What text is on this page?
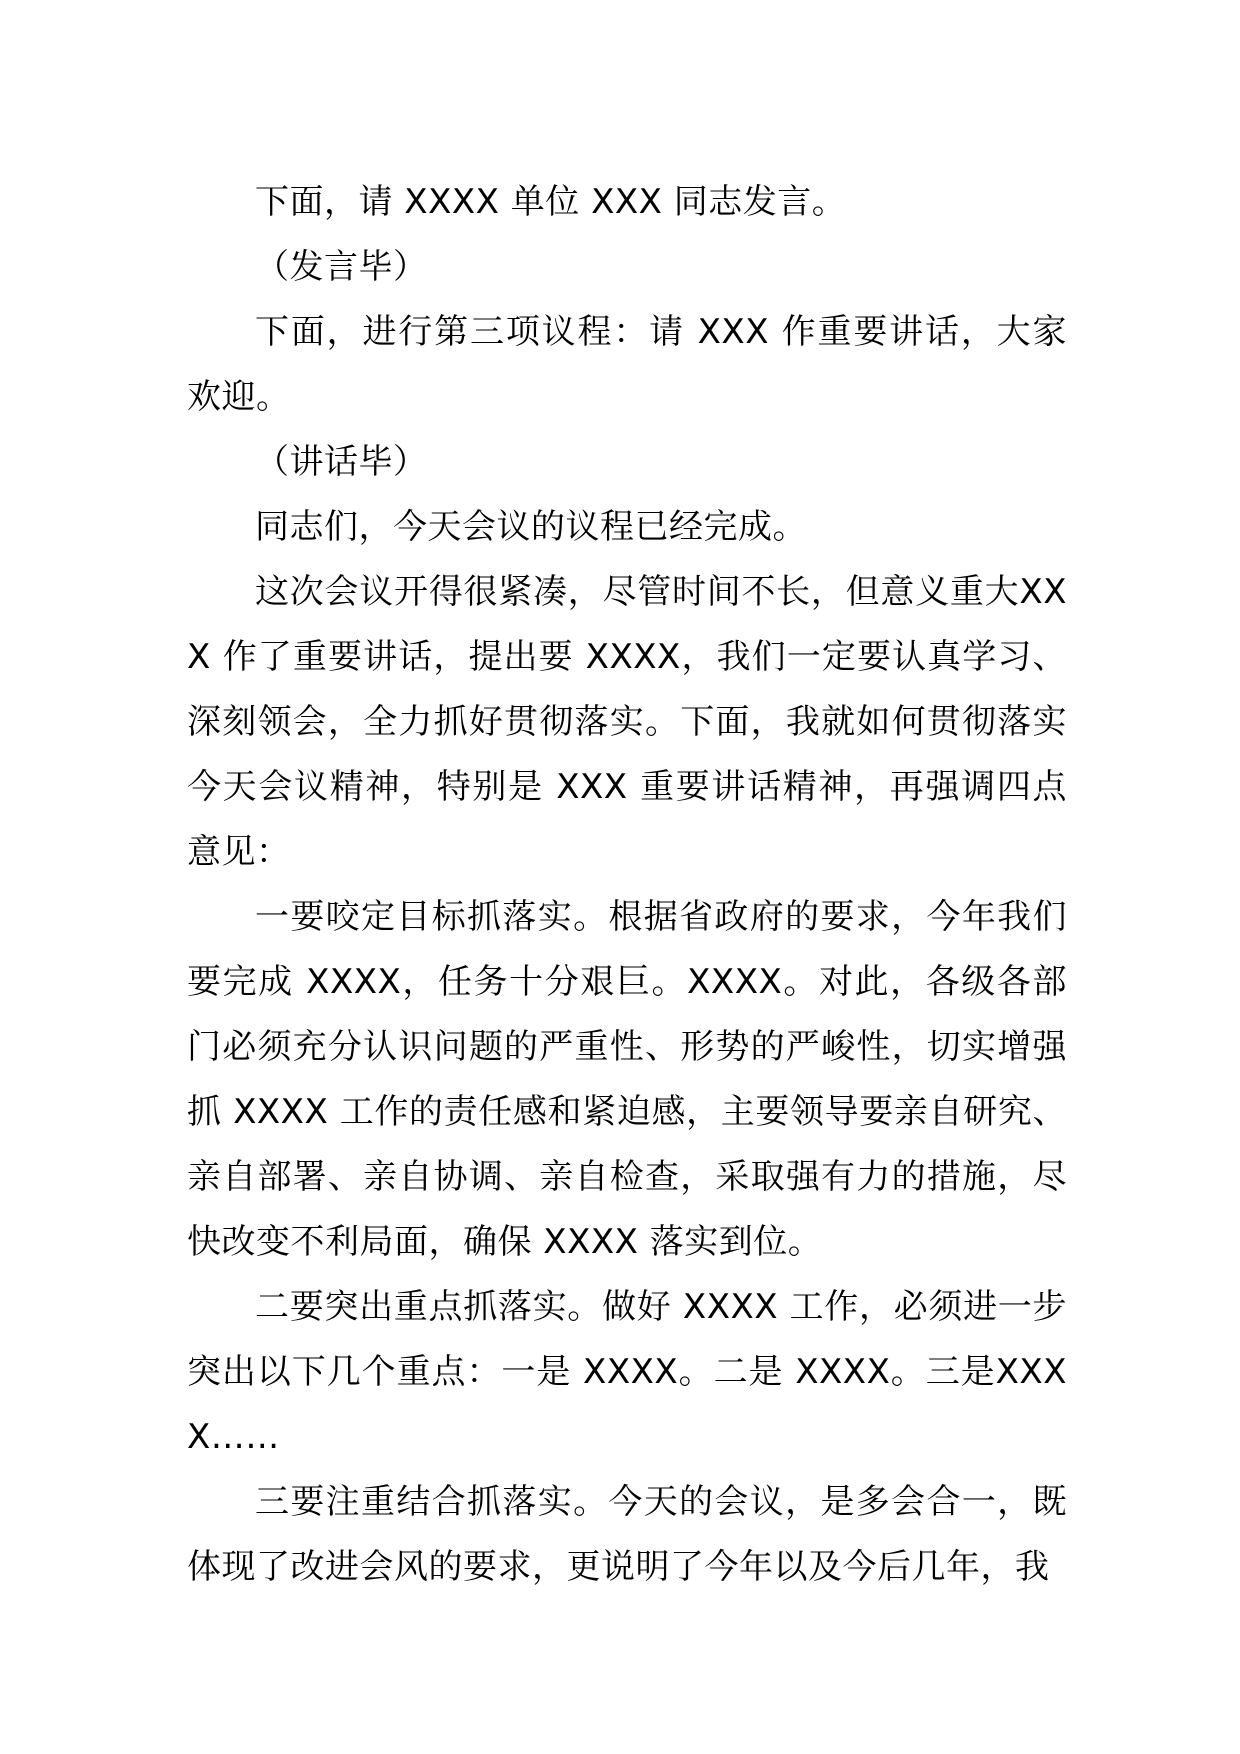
下面，请 XXXX 单位 XXX 同志发言。

（发言毕）

下面，进行第三项议程：请 XXX 作重要讲话，大家欢迎。

（讲话毕）

同志们，今天会议的议程已经完成。

这次会议开得很紧凑，尽管时间不长，但意义重大XXX 作了重要讲话，提出要 XXXX，我们一定要认真学习、深刻领会，全力抓好贯彻落实。下面，我就如何贯彻落实今天会议精神，特别是 XXX 重要讲话精神，再强调四点意见：

一要咬定目标抓落实。根据省政府的要求，今年我们要完成 XXXX，任务十分艰巨。XXXX。对此，各级各部门必须充分认识问题的严重性、形势的严峻性，切实增强抓 XXXX 工作的责任感和紧迫感，主要领导要亲自研究、亲自部署、亲自协调、亲自检查，采取强有力的措施，尽快改变不利局面，确保 XXXX 落实到位。

二要突出重点抓落实。做好 XXXX 工作，必须进一步突出以下几个重点：一是 XXXX。二是 XXXX。三是XXXX……

三要注重结合抓落实。今天的会议，是多会合一，既体现了改进会风的要求，更说明了今年以及今后几年，我
